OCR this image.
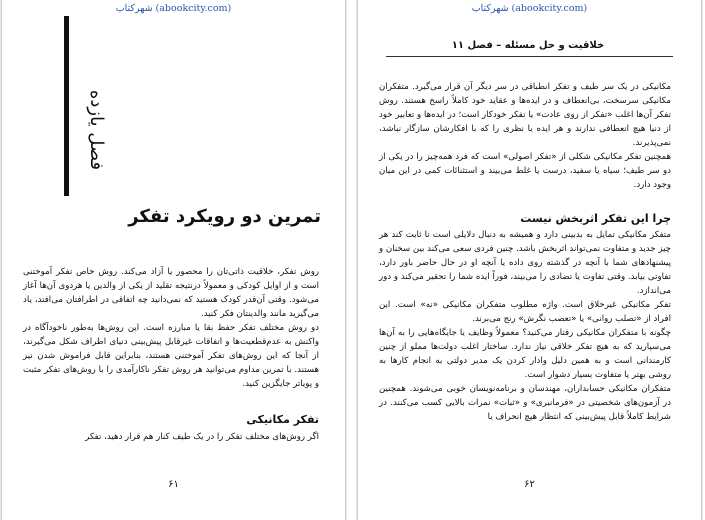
شهرکتاب (abookcity.com)
فصل یازده
تمرین دو رویکرد تفکر

روش تفکر، خلاقیت ذاتی‌تان را محصور یا آزاد می‌کند. روش خاص تفکر آموختنی است و از اوایل کودکی و معمولاً درنتیجه تقلید از یکی از والدین یا هردوی آن‌ها آغاز می‌شود. وقتی آن‌قدر کودک هستید که نمی‌دانید چه اتفاقی در اطرافتان می‌افتد، یاد می‌گیرید مانند والدینتان فکر کنید.

دو روش مختلف تفکر حفظ بقا یا مبارزه است. این روش‌ها به‌طور ناخودآگاه در واکنش به عدم‌قطعیت‌ها و اتفاقات غیرقابل پیش‌بینی دنیای اطراف شکل می‌گیرند، از آنجا که این روش‌های تفکر آموختنی هستند، بنابراین قابل فراموش شدن نیز هستند. با تمرین مداوم می‌توانید هر روش تفکر ناکارآمدی را با روش‌های تفکر مثبت و پویاتر جایگزین کنید.

تفکر مکانیکی
اگر روش‌های مختلف تفکر را در یک طیف کنار هم قرار دهید، تفکر
۶۱
شهرکتاب (abookcity.com)
خلاقیت و حل مسئله – فصل ۱۱

مکانیکی در یک سر طیف و تفکر انطباقی در سر دیگر آن قرار می‌گیرد. متفکران مکانیکی سرسخت، بی‌انعطاف و در ایده‌ها و عقاید خود کاملاً راسخ هستند. روش تفکر آن‌ها اغلب «تفکر از روی عادت» یا تفکر خودکار است؛ در ایده‌ها و تعابیر خود از دنیا هیچ انعطافی ندارند و هر ایده یا نظری را که با افکارشان سازگار نباشد، نمی‌پذیرند.

همچنین تفکر مکانیکی شکلی از «تفکر اصولی» است که فرد همه‌چیز را در یکی از دو سر طیف؛ سیاه یا سفید، درست یا غلط می‌بیند و استثنائات کمی در این میان وجود دارد.

چرا این تفکر اثربخش نیست

متفکر مکانیکی تمایل به بدبینی دارد و همیشه به دنبال دلایلی است تا ثابت کند هر چیز جدید و متفاوت نمی‌تواند اثربخش باشد. چنین فردی سعی می‌کند بین سخنان و پیشنهادهای شما با آنچه در گذشته روی داده یا آنچه او در حال حاضر باور دارد، تفاوتی بیابد. وقتی تفاوت یا تضادی را می‌بیند، فوراً ایده شما را تحقیر می‌کند و دور می‌اندازد.

تفکر مکانیکی غیرخلاق است. واژه مطلوب متفکران مکانیکی «نه» است. این افراد از «تصلب روانی» یا «تعصب نگرش» رنج می‌برند.

چگونه با متفکران مکانیکی رفتار می‌کنید؟ معمولاً وظایف یا جایگاه‌هایی را به آن‌ها می‌سپارید که به هیچ تفکر خلاقی نیاز ندارد. ساختار اغلب دولت‌ها مملو از چنین کارمندانی است و به همین دلیل وادار کردن یک مدیر دولتی به انجام کارها به روشی بهتر یا متفاوت بسیار دشوار است.

متفکران مکانیکی حسابداران، مهندسان و برنامه‌نویسان خوبی می‌شوند. همچنین در آزمون‌های شخصیتی در «فرمانبری» و «ثبات» نمرات بالایی کسب می‌کنند. در شرایط کاملاً قابل پیش‌بینی که انتظار هیچ انحراف یا

۶۲
